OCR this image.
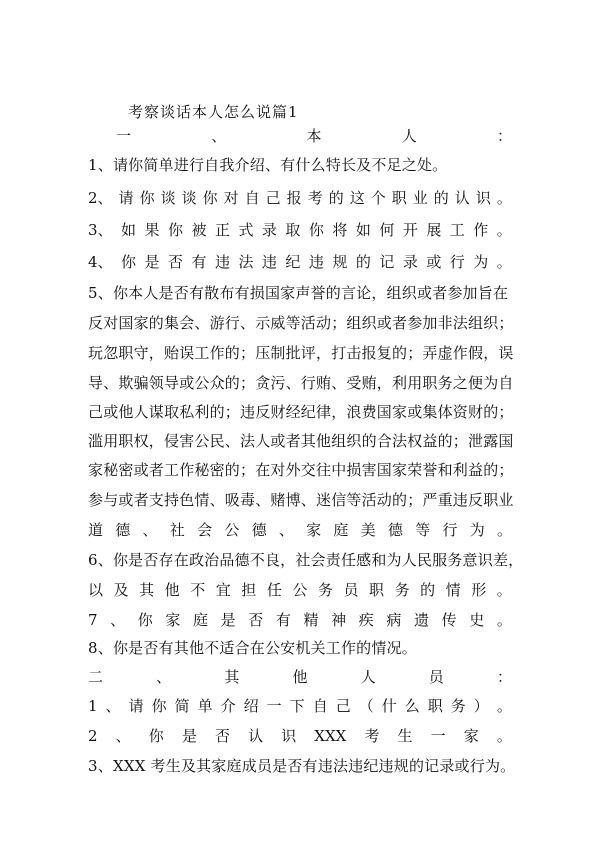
考察谈话本人怎么说篇1
一	、	本	人	：
1、请你简单进行自我介绍、有什么特长及不足之处。
2、 请 你 谈 谈 你 对 自 己 报 考 的 这 个 职 业 的 认 识 。
3、 如 果 你 被 正 式 录 取 你 将 如 何 开 展 工 作 。
4、 你 是 否 有 违 法 违 纪 违 规 的 记 录 或 行 为 。
5、你本人是否有散布有损国家声誉的言论，组织或者参加旨在
反对国家的集会、游行、示威等活动；组织或者参加非法组织；
玩忽职守，贻误工作的；压制批评，打击报复的；弄虚作假，误
导、欺骗领导或公众的；贪污、行贿、受贿，利用职务之便为自
己或他人谋取私利的；违反财经纪律，浪费国家或集体资财的；
滥用职权，侵害公民、法人或者其他组织的合法权益的；泄露国
家秘密或者工作秘密的；在对外交往中损害国家荣誉和利益的；
参与或者支持色情、吸毒、赌博、迷信等活动的；严重违反职业
道 德 、 社 会 公 德 、 家 庭 美 德 等 行 为 。
6、你是否存在政治品德不良，社会责任感和为人民服务意识差，
以 及 其 他 不 宜 担 任 公 务 员 职 务 的 情 形 。
7 、 你 家 庭 是 否 有 精 神 疾 病 遗 传 史 。
8、你是否有其他不适合在公安机关工作的情况。
二	、	其	他	人	员	：
1 、 请 你 简 单 介 绍 一 下 自 己 （ 什 么 职 务 ） 。
2 、 你 是 否 认 识 XXX 考 生 一 家 。
3、XXX 考生及其家庭成员是否有违法违纪违规的记录或行为。
